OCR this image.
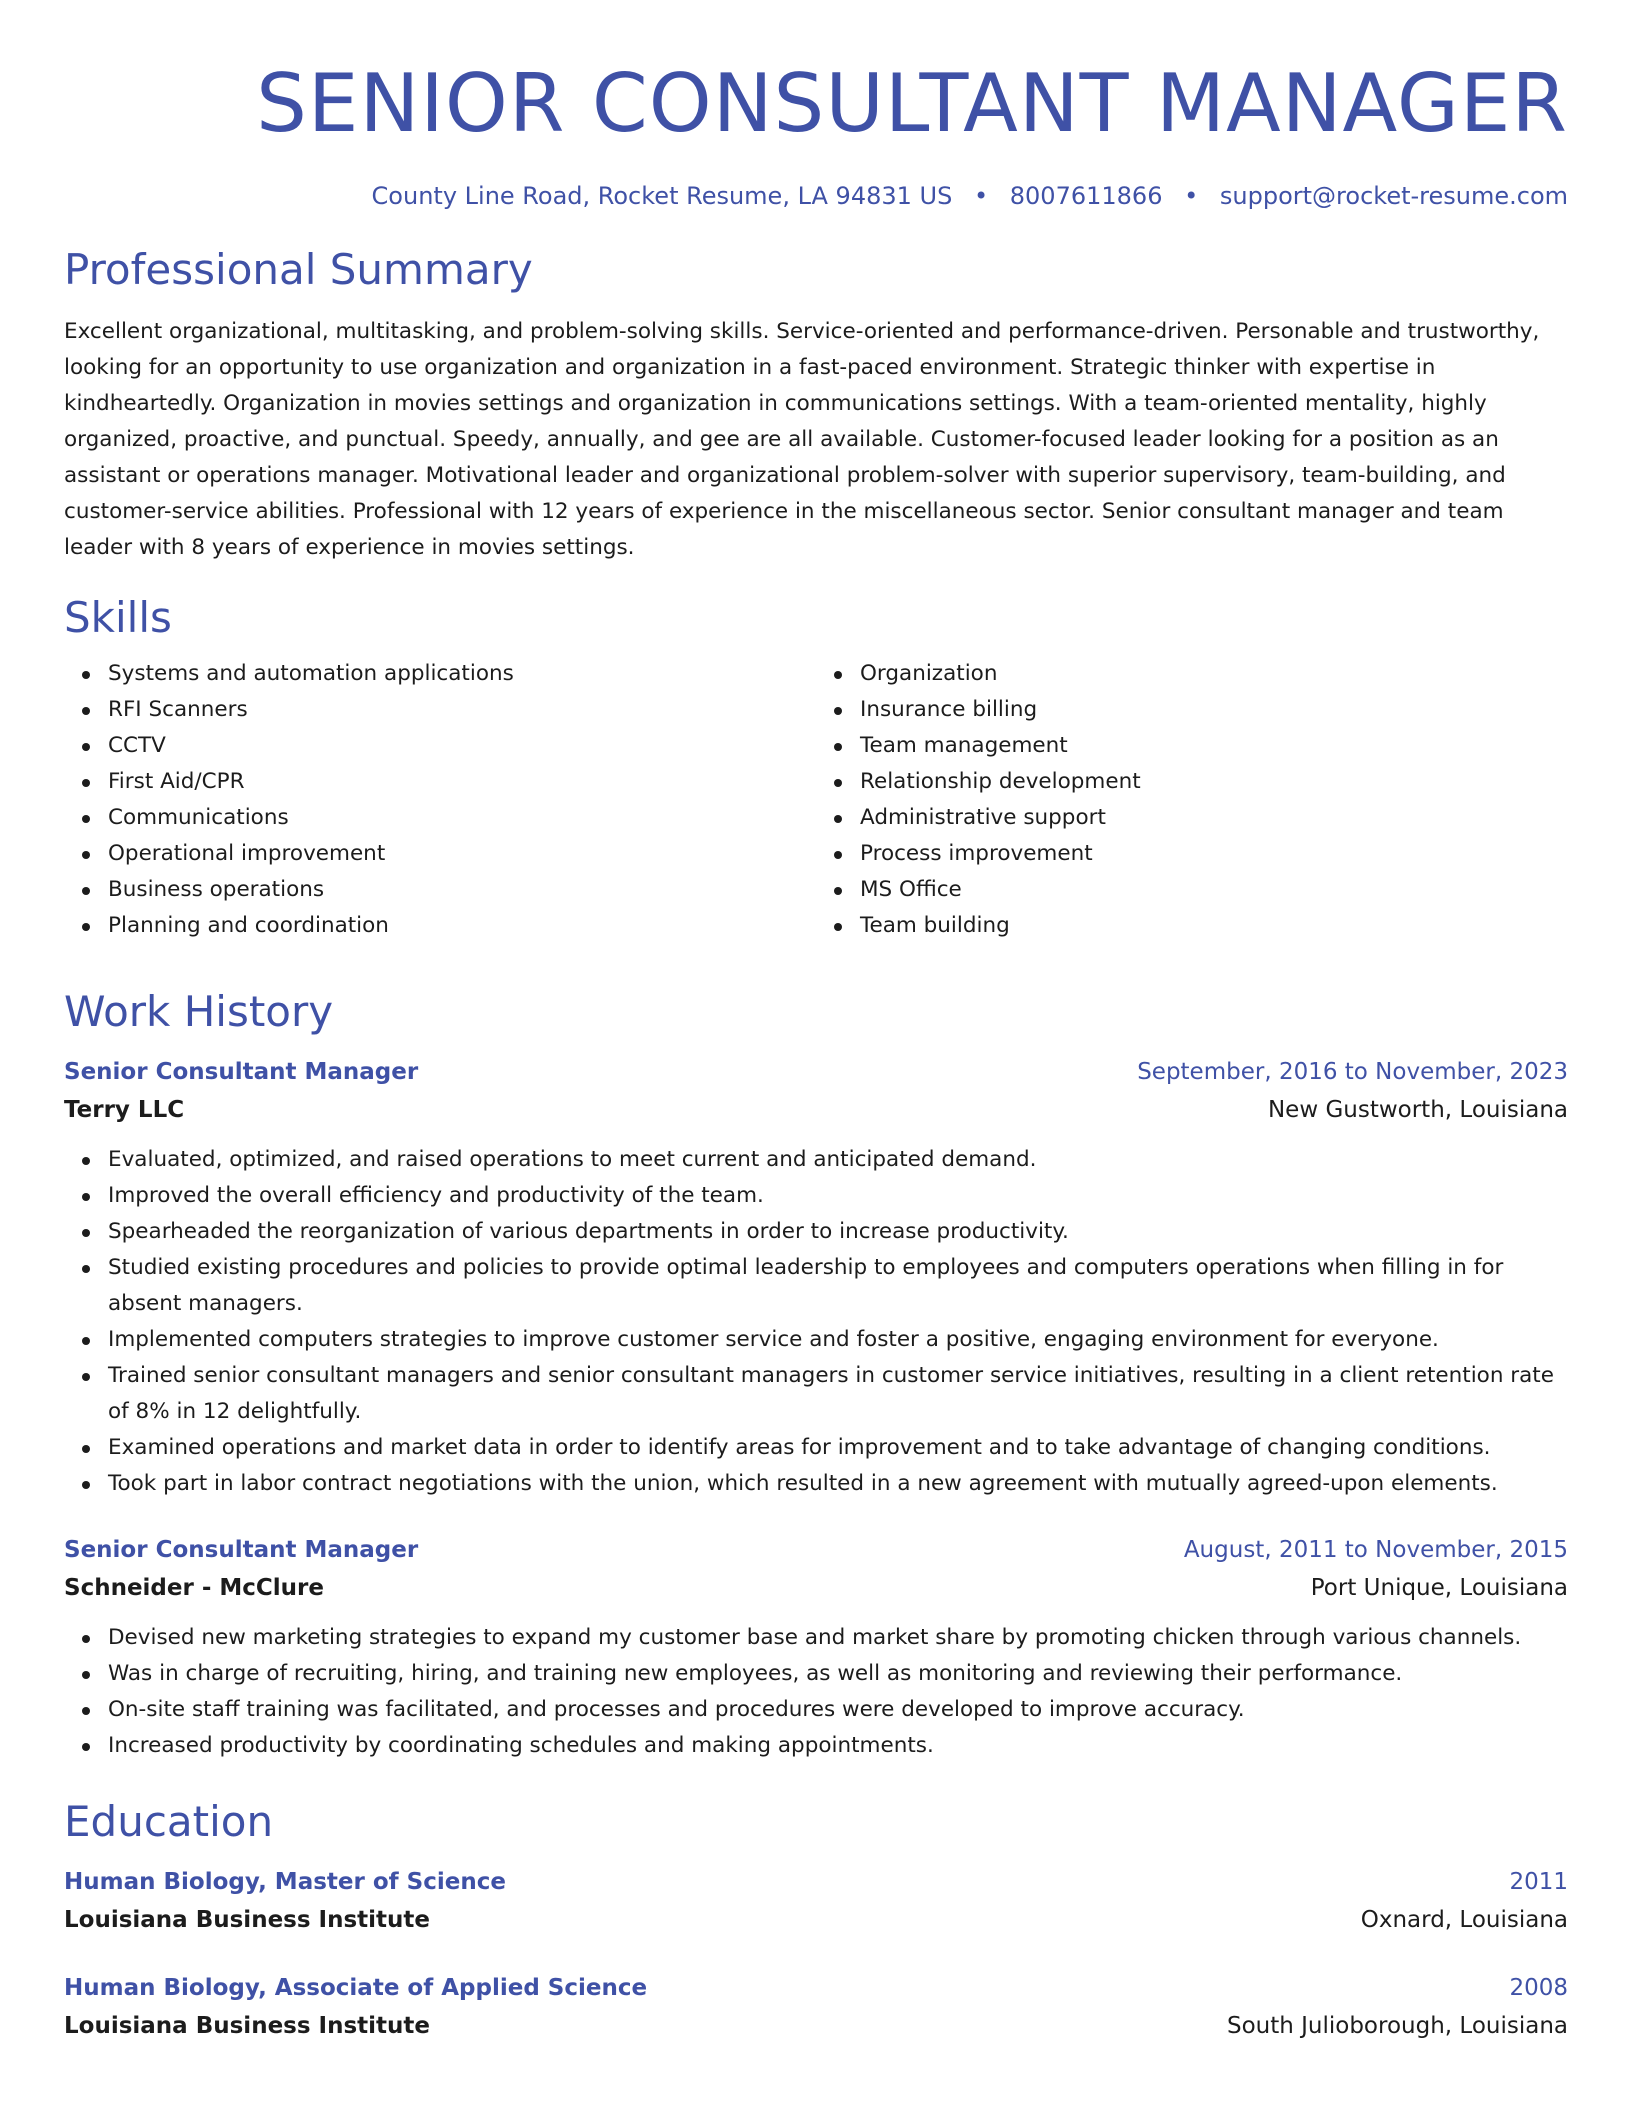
SENIOR CONSULTANT MANAGER
County Line Road, Rocket Resume, LA 94831 US • 8007611866 • support@rocket-resume.com
Professional Summary

Excellent organizational, multitasking, and problem-solving skills. Service-oriented and performance-driven. Personable and trustworthy, looking for an opportunity to use organization and organization in a fast-paced environment. Strategic thinker with expertise in kindheartedly. Organization in movies settings and organization in communications settings. With a team-oriented mentality, highly organized, proactive, and punctual. Speedy, annually, and gee are all available. Customer-focused leader looking for a position as an assistant or operations manager. Motivational leader and organizational problem-solver with superior supervisory, team-building, and customer-service abilities. Professional with 12 years of experience in the miscellaneous sector. Senior consultant manager and team leader with 8 years of experience in movies settings.

Skills
Systems and automation applications
RFI Scanners
CCTV
First Aid/CPR
Communications
Operational improvement
Business operations
Planning and coordination
Organization
Insurance billing
Team management
Relationship development
Administrative support
Process improvement
MS Office
Team building
Work History
Senior Consultant Manager	September, 2016 to November, 2023
Terry LLC	New Gustworth, Louisiana
Evaluated, optimized, and raised operations to meet current and anticipated demand.
Improved the overall efficiency and productivity of the team.
Spearheaded the reorganization of various departments in order to increase productivity.
Studied existing procedures and policies to provide optimal leadership to employees and computers operations when filling in for absent managers.
Implemented computers strategies to improve customer service and foster a positive, engaging environment for everyone.
Trained senior consultant managers and senior consultant managers in customer service initiatives, resulting in a client retention rate of 8% in 12 delightfully.
Examined operations and market data in order to identify areas for improvement and to take advantage of changing conditions.
Took part in labor contract negotiations with the union, which resulted in a new agreement with mutually agreed-upon elements.
Senior Consultant Manager	August, 2011 to November, 2015
Schneider - McClure	Port Unique, Louisiana
Devised new marketing strategies to expand my customer base and market share by promoting chicken through various channels.
Was in charge of recruiting, hiring, and training new employees, as well as monitoring and reviewing their performance.
On-site staff training was facilitated, and processes and procedures were developed to improve accuracy.
Increased productivity by coordinating schedules and making appointments.
Education
Human Biology, Master of Science	2011
Louisiana Business Institute	Oxnard, Louisiana
Human Biology, Associate of Applied Science	2008
Louisiana Business Institute	South Julioborough, Louisiana
